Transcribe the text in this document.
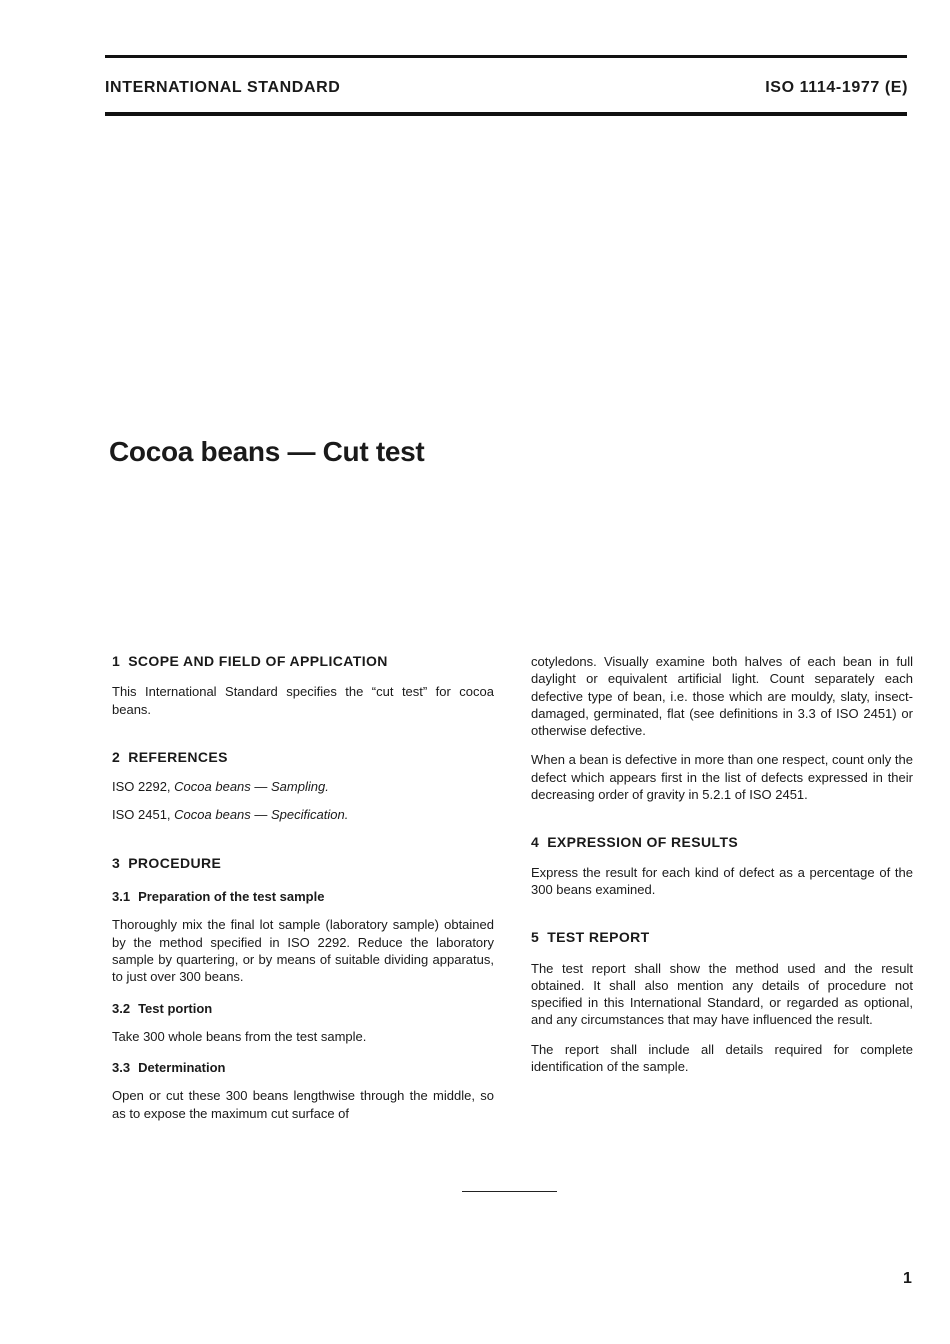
INTERNATIONAL STANDARD	ISO 1114-1977 (E)
Cocoa beans — Cut test
1 SCOPE AND FIELD OF APPLICATION

This International Standard specifies the “cut test” for cocoa beans.

2 REFERENCES

ISO 2292, Cocoa beans — Sampling.

ISO 2451, Cocoa beans — Specification.

3 PROCEDURE
3.1 Preparation of the test sample

Thoroughly mix the final lot sample (laboratory sample) obtained by the method specified in ISO 2292. Reduce the laboratory sample by quartering, or by means of suitable dividing apparatus, to just over 300 beans.

3.2 Test portion

Take 300 whole beans from the test sample.

3.3 Determination

Open or cut these 300 beans lengthwise through the middle, so as to expose the maximum cut surface of

cotyledons. Visually examine both halves of each bean in full daylight or equivalent artificial light. Count separately each defective type of bean, i.e. those which are mouldy, slaty, insect-damaged, germinated, flat (see definitions in 3.3 of ISO 2451) or otherwise defective.

When a bean is defective in more than one respect, count only the defect which appears first in the list of defects expressed in their decreasing order of gravity in 5.2.1 of ISO 2451.

4 EXPRESSION OF RESULTS

Express the result for each kind of defect as a percentage of the 300 beans examined.

5 TEST REPORT

The test report shall show the method used and the result obtained. It shall also mention any details of procedure not specified in this International Standard, or regarded as optional, and any circumstances that may have influenced the result.

The report shall include all details required for complete identification of the sample.

1
